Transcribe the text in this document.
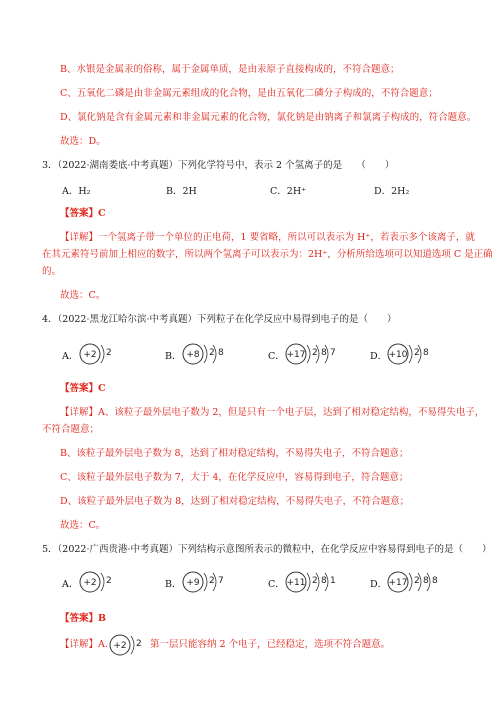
B、水银是金属汞的俗称，属于金属单质，是由汞原子直接构成的，不符合题意；
C、五氧化二磷是由非金属元素组成的化合物，是由五氧化二磷分子构成的，不符合题意；
D、氯化钠是含有金属元素和非金属元素的化合物，氯化钠是由钠离子和氯离子构成的，符合题意。
故选：D。
3．（2022·湖南娄底·中考真题）下列化学符号中，表示 2 个氢离子的是　　（　　）
A．H₂	B．2H	C．2H⁺	D．2H₂
【答案】C
【详解】一个氢离子带一个单位的正电荷，1 要省略，所以可以表示为 H⁺，若表示多个该离子，就
在其元素符号前加上相应的数字，所以两个氢离子可以表示为：2H⁺，分析所给选项可以知道选项 C 是正确
的。
故选：C。
4．（2022·黑龙江哈尔滨·中考真题）下列粒子在化学反应中易得到电子的是（　　）
A． +2 2	B． +8 2 8	C． +17 2 8 7	D． +10 2 8
【答案】C
【详解】A、该粒子最外层电子数为 2，但是只有一个电子层，达到了相对稳定结构，不易得失电子，
不符合题意；
B、该粒子最外层电子数为 8，达到了相对稳定结构，不易得失电子，不符合题意；
C、该粒子最外层电子数为 7，大于 4，在化学反应中，容易得到电子，符合题意；
D、该粒子最外层电子数为 8，达到了相对稳定结构，不易得失电子，不符合题意；
故选：C。
5．（2022·广西贵港·中考真题）下列结构示意图所表示的微粒中，在化学反应中容易得到电子的是（　　）
A． +2 2	B． +9 2 7	C． +11 2 8 1	D． +17 2 8 8
【答案】B
【详解】A. +2 2 第一层只能容纳 2 个电子，已经稳定，选项不符合题意。
